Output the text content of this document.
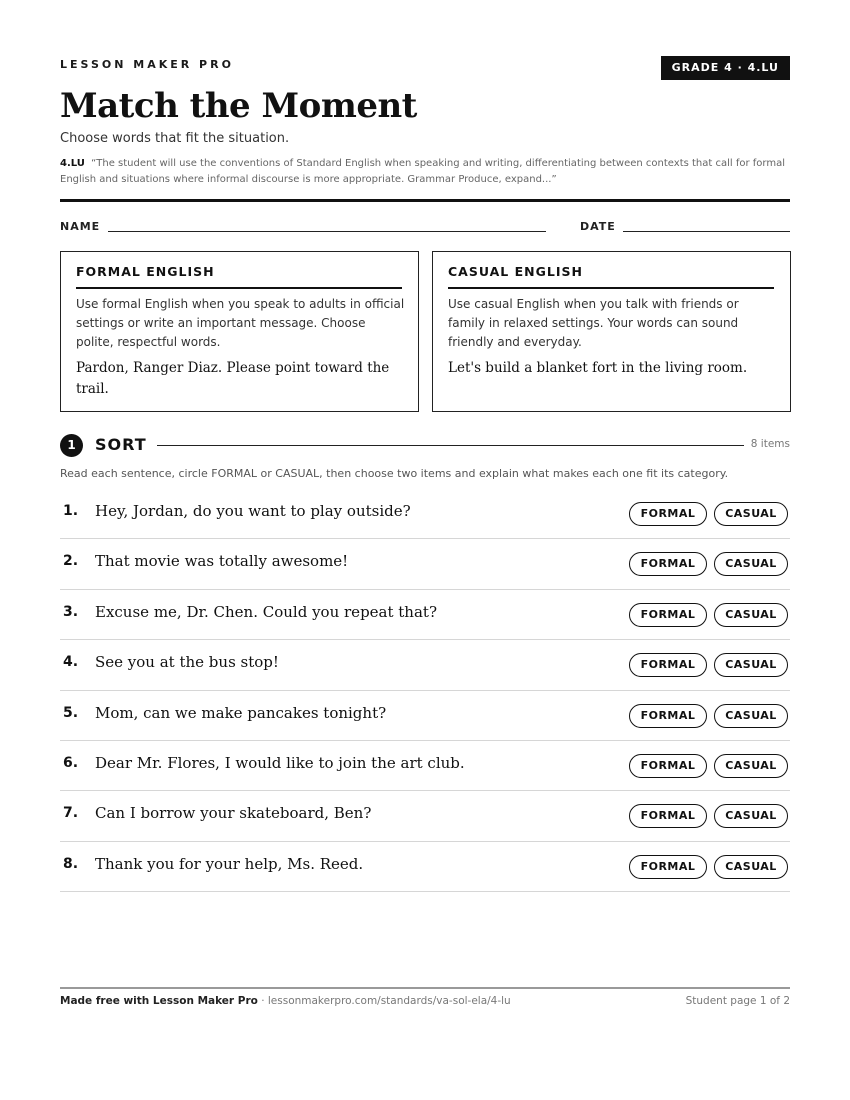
LESSON MAKER PRO	GRADE 4 · 4.LU
Match the Moment
Choose words that fit the situation.
4.LU “The student will use the conventions of Standard English when speaking and writing, differentiating between contexts that call for formal English and situations where informal discourse is more appropriate. Grammar Produce, expand...”
NAME	DATE
FORMAL ENGLISH
Use formal English when you speak to adults in official settings or write an important message. Choose polite, respectful words.
Pardon, Ranger Diaz. Please point toward the trail.
CASUAL ENGLISH
Use casual English when you talk with friends or family in relaxed settings. Your words can sound friendly and everyday.
Let's build a blanket fort in the living room.
1	SORT	8 items
Read each sentence, circle FORMAL or CASUAL, then choose two items and explain what makes each one fit its category.
1. Hey, Jordan, do you want to play outside?	FORMAL	CASUAL
2. That movie was totally awesome!	FORMAL	CASUAL
3. Excuse me, Dr. Chen. Could you repeat that?	FORMAL	CASUAL
4. See you at the bus stop!	FORMAL	CASUAL
5. Mom, can we make pancakes tonight?	FORMAL	CASUAL
6. Dear Mr. Flores, I would like to join the art club.	FORMAL	CASUAL
7. Can I borrow your skateboard, Ben?	FORMAL	CASUAL
8. Thank you for your help, Ms. Reed.	FORMAL	CASUAL
Made free with Lesson Maker Pro · lessonmakerpro.com/standards/va-sol-ela/4-lu	Student page 1 of 2
